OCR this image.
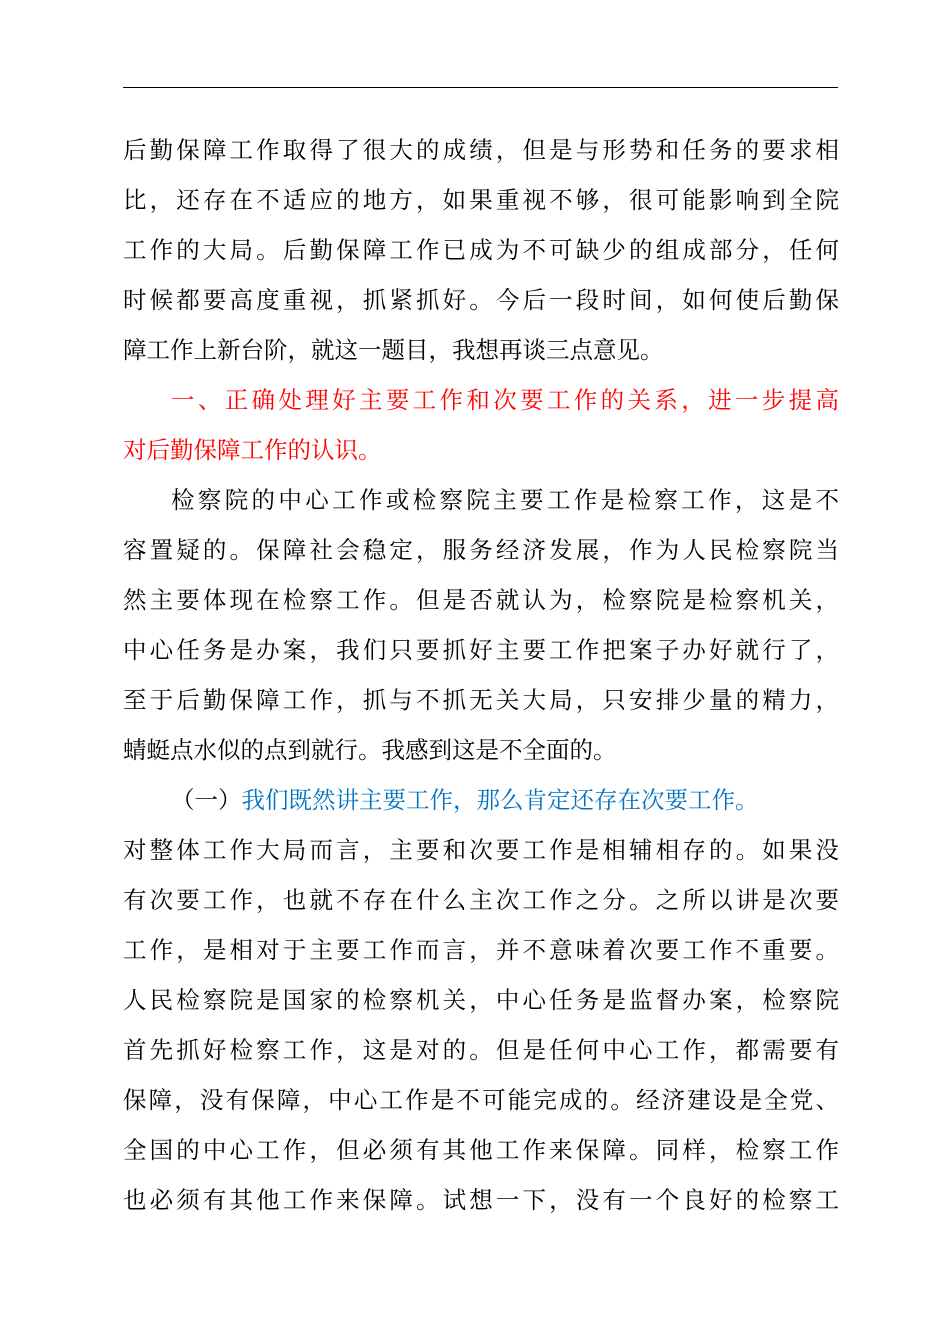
后勤保障工作取得了很大的成绩，但是与形势和任务的要求相
比，还存在不适应的地方，如果重视不够，很可能影响到全院
工作的大局。后勤保障工作已成为不可缺少的组成部分，任何
时候都要高度重视，抓紧抓好。今后一段时间，如何使后勤保
障工作上新台阶，就这一题目，我想再谈三点意见。
一、正确处理好主要工作和次要工作的关系，进一步提高
对后勤保障工作的认识。
检察院的中心工作或检察院主要工作是检察工作，这是不
容置疑的。保障社会稳定，服务经济发展，作为人民检察院当
然主要体现在检察工作。但是否就认为，检察院是检察机关，
中心任务是办案，我们只要抓好主要工作把案子办好就行了，
至于后勤保障工作，抓与不抓无关大局，只安排少量的精力，
蜻蜓点水似的点到就行。我感到这是不全面的。
（一）我们既然讲主要工作，那么肯定还存在次要工作。
对整体工作大局而言，主要和次要工作是相辅相存的。如果没
有次要工作，也就不存在什么主次工作之分。之所以讲是次要
工作，是相对于主要工作而言，并不意味着次要工作不重要。
人民检察院是国家的检察机关，中心任务是监督办案，检察院
首先抓好检察工作，这是对的。但是任何中心工作，都需要有
保障，没有保障，中心工作是不可能完成的。经济建设是全党、
全国的中心工作，但必须有其他工作来保障。同样，检察工作
也必须有其他工作来保障。试想一下，没有一个良好的检察工
